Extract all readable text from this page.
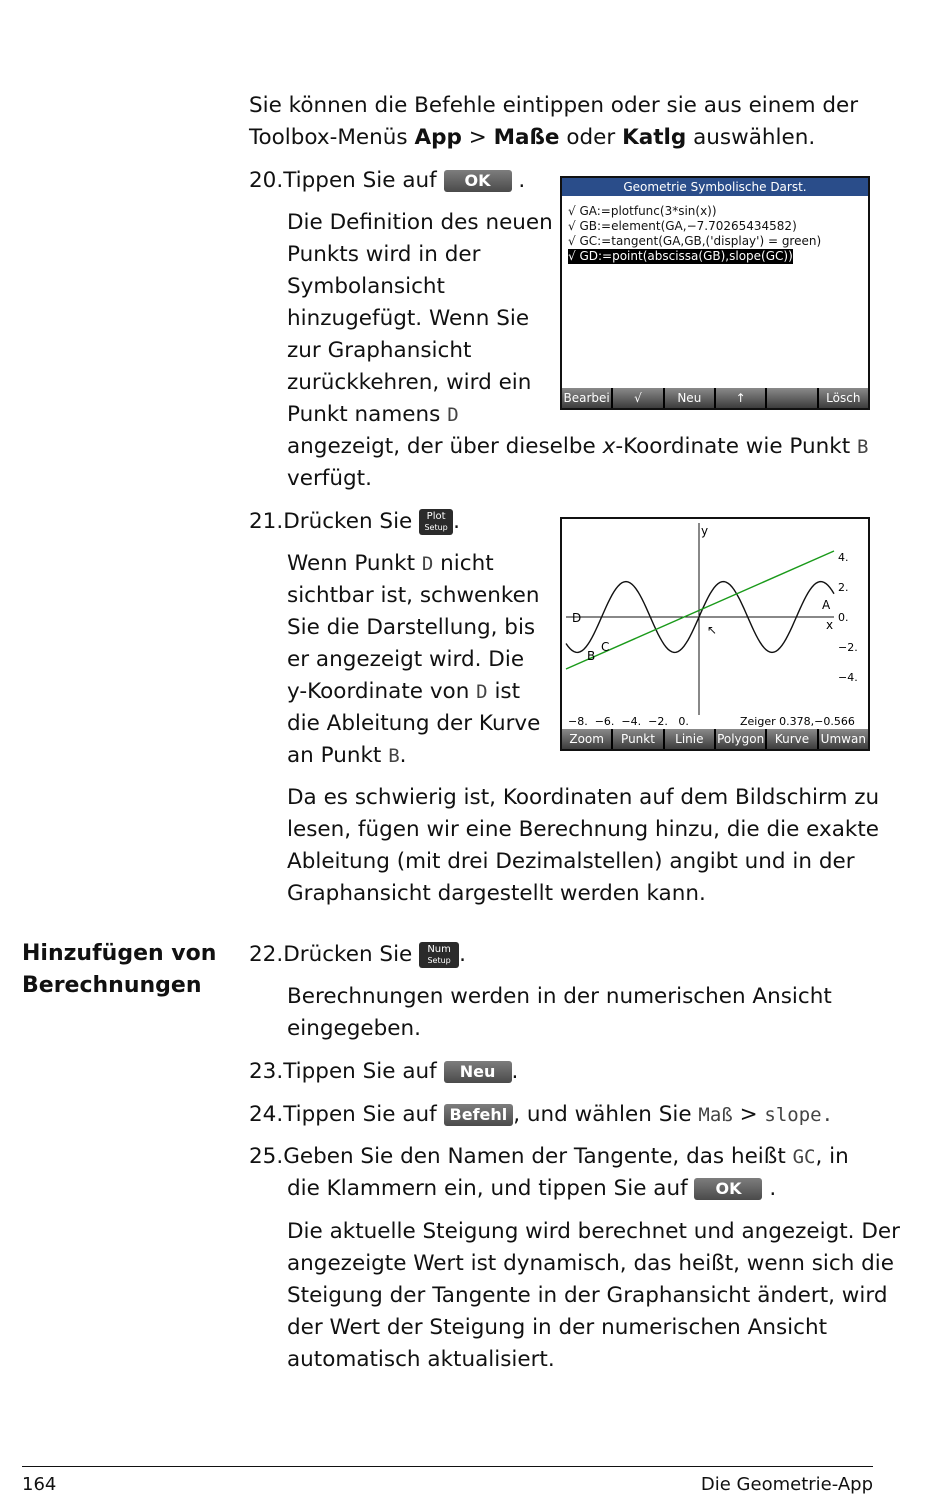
Sie können die Befehle eintippen oder sie aus einem der

Toolbox-Menüs App > Maße oder Katlg auswählen.

20.Tippen Sie auf OK .

Die Definition des neuen

Punkts wird in der

Symbolansicht

hinzugefügt. Wenn Sie

zur Graphansicht

zurückkehren, wird ein

Punkt namens D

angezeigt, der über dieselbe x-Koordinate wie Punkt B

verfügt.

Geometrie Symbolische Darst.
√ GA:=plotfunc(3*sin(x))
√ GB:=element(GA,−7.70265434582)
√ GC:=tangent(GA,GB,('display') = green)
√ GD:=point(abscissa(GB),slope(GC))
Bearbei	√	Neu	↑	Lösch

21.Drücken Sie Plot
Setup .

Wenn Punkt D nicht

sichtbar ist, schwenken

Sie die Darstellung, bis

er angezeigt wird. Die

y-Koordinate von D ist

die Ableitung der Kurve

an Punkt B.

Da es schwierig ist, Koordinaten auf dem Bildschirm zu

lesen, fügen wir eine Berechnung hinzu, die die exakte

Ableitung (mit drei Dezimalstellen) angibt und in der

Graphansicht dargestellt werden kann.

y
x
A
B
C
D
↖
4.
2.
0.
−2.
−4.
−8.  −6.  −4.  −2.   0.	Zeiger 0.378,−0.566
Zoom	Punkt	Linie	Polygon Kurve Umwan
Hinzufügen von
Berechnungen

22.Drücken Sie Num
Setup .

Berechnungen werden in der numerischen Ansicht

eingegeben.

23.Tippen Sie auf Neu .

24.Tippen Sie auf Befehl , und wählen Sie Maß > slope.

25.Geben Sie den Namen der Tangente, das heißt GC, in

die Klammern ein, und tippen Sie auf OK .

Die aktuelle Steigung wird berechnet und angezeigt. Der

angezeigte Wert ist dynamisch, das heißt, wenn sich die

Steigung der Tangente in der Graphansicht ändert, wird

der Wert der Steigung in der numerischen Ansicht

automatisch aktualisiert.

164	Die Geometrie-App
